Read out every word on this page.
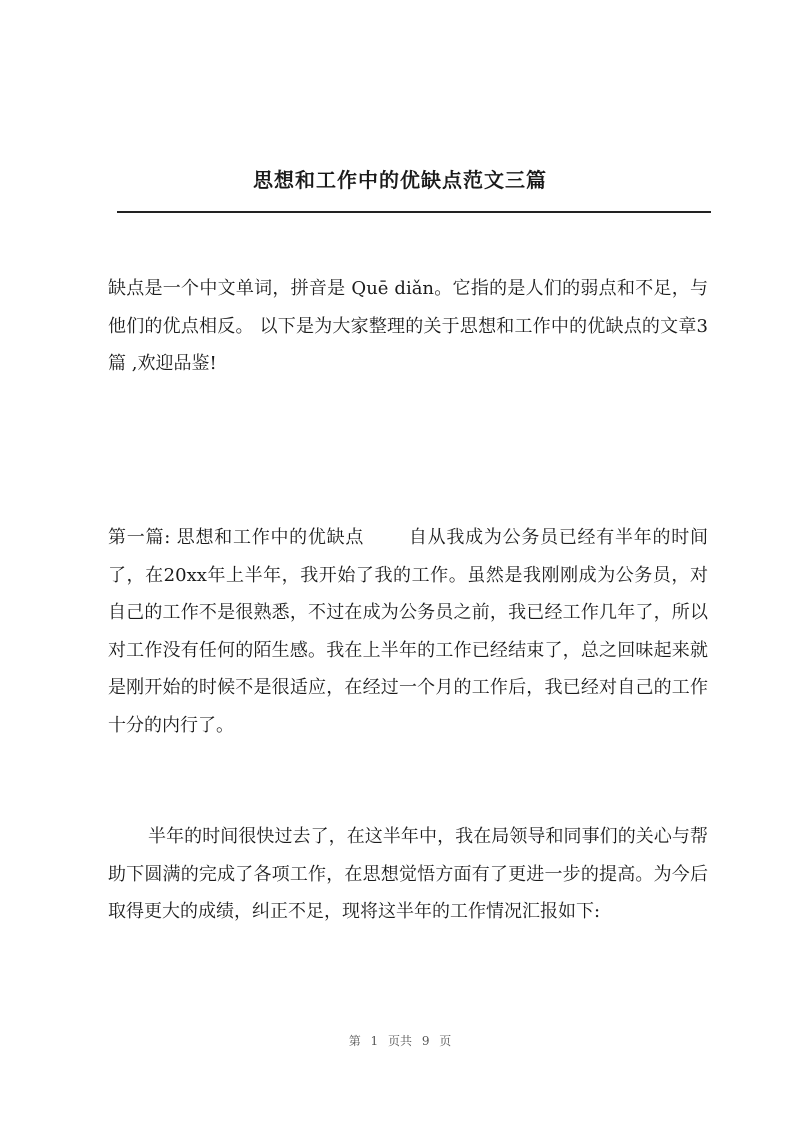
思想和工作中的优缺点范文三篇

缺点是一个中文单词，拼音是 Quē diǎn。它指的是人们的弱点和不足，与他们的优点相反。 以下是为大家整理的关于思想和工作中的优缺点的文章3篇 ,欢迎品鉴!

第一篇: 思想和工作中的优缺点 自从我成为公务员已经有半年的时间了，在20xx年上半年，我开始了我的工作。虽然是我刚刚成为公务员，对自己的工作不是很熟悉，不过在成为公务员之前，我已经工作几年了，所以对工作没有任何的陌生感。我在上半年的工作已经结束了，总之回味起来就是刚开始的时候不是很适应，在经过一个月的工作后，我已经对自己的工作十分的内行了。

半年的时间很快过去了，在这半年中，我在局领导和同事们的关心与帮助下圆满的完成了各项工作，在思想觉悟方面有了更进一步的提高。为今后取得更大的成绩，纠正不足，现将这半年的工作情况汇报如下:

第 1 页共 9 页
